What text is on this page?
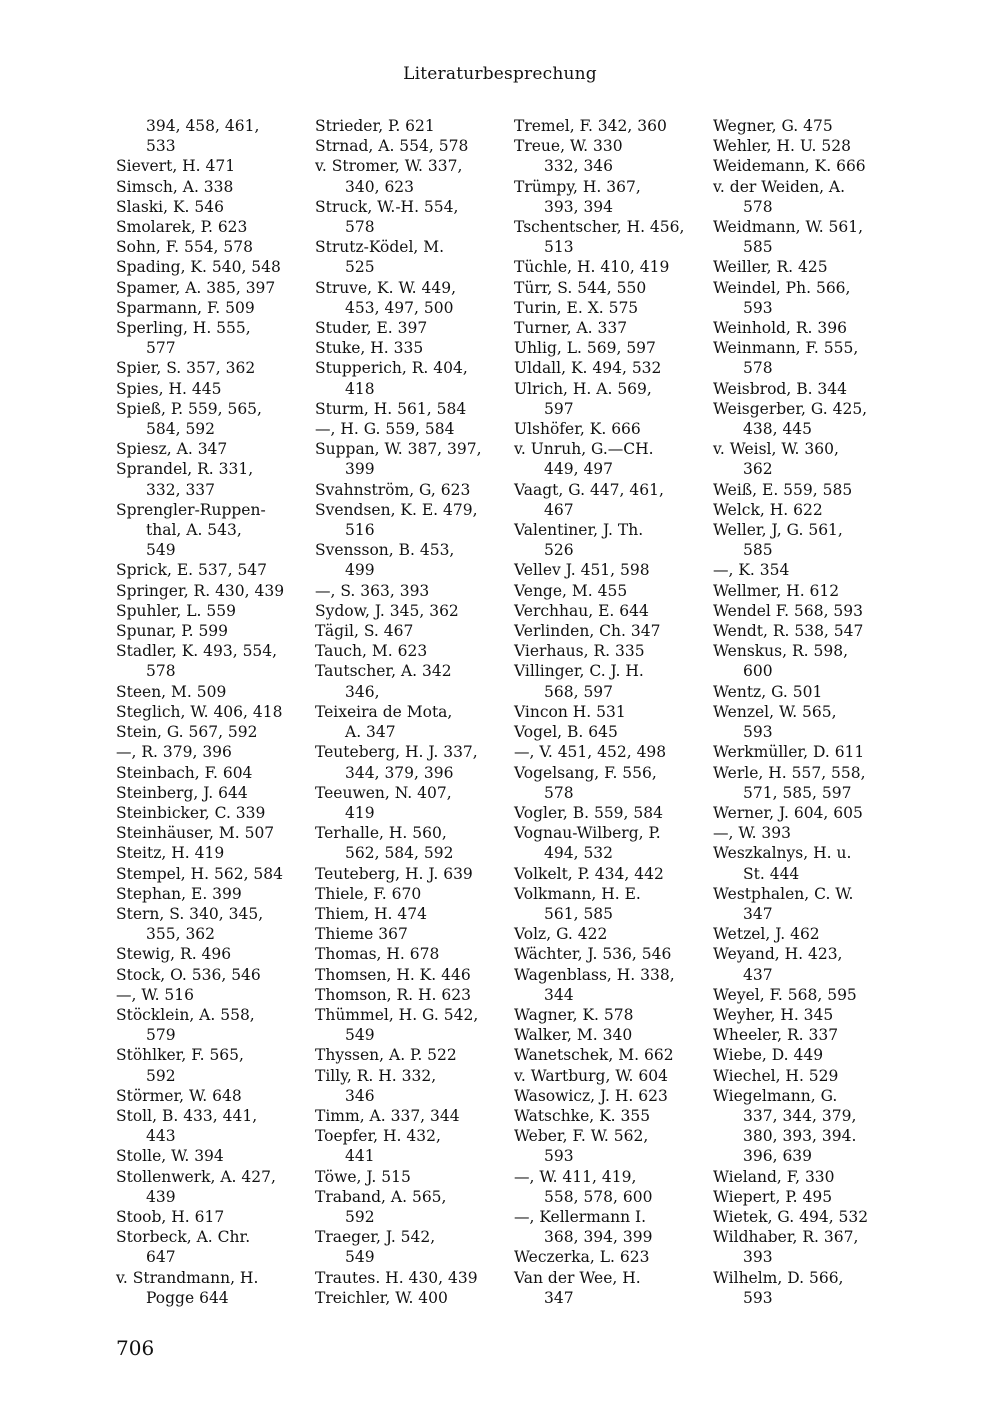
Literaturbesprechung
394, 458, 461,
533
Sievert, H. 471
Simsch, A. 338
Slaski, K. 546
Smolarek, P. 623
Sohn, F. 554, 578
Spading, K. 540, 548
Spamer, A. 385, 397
Sparmann, F. 509
Sperling, H. 555,
577
Spier, S. 357, 362
Spies, H. 445
Spieß, P. 559, 565,
584, 592
Spiesz, A. 347
Sprandel, R. 331,
332, 337
Sprengler-Ruppen-
thal, A. 543,
549
Sprick, E. 537, 547
Springer, R. 430, 439
Spuhler, L. 559
Spunar, P. 599
Stadler, K. 493, 554,
578
Steen, M. 509
Steglich, W. 406, 418
Stein, G. 567, 592
—, R. 379, 396
Steinbach, F. 604
Steinberg, J. 644
Steinbicker, C. 339
Steinhäuser, M. 507
Steitz, H. 419
Stempel, H. 562, 584
Stephan, E. 399
Stern, S. 340, 345,
355, 362
Stewig, R. 496
Stock, O. 536, 546
—, W. 516
Stöcklein, A. 558,
579
Stöhlker, F. 565,
592
Störmer, W. 648
Stoll, B. 433, 441,
443
Stolle, W. 394
Stollenwerk, A. 427,
439
Stoob, H. 617
Storbeck, A. Chr.
647
v. Strandmann, H.
Pogge 644
Strieder, P. 621
Strnad, A. 554, 578
v. Stromer, W. 337,
340, 623
Struck, W.-H. 554,
578
Strutz-Ködel, M.
525
Struve, K. W. 449,
453, 497, 500
Studer, E. 397
Stuke, H. 335
Stupperich, R. 404,
418
Sturm, H. 561, 584
—, H. G. 559, 584
Suppan, W. 387, 397,
399
Svahnström, G, 623
Svendsen, K. E. 479,
516
Svensson, B. 453,
499
—, S. 363, 393
Sydow, J. 345, 362
Tägil, S. 467
Tauch, M. 623
Tautscher, A. 342
346,
Teixeira de Mota,
A. 347
Teuteberg, H. J. 337,
344, 379, 396
Teeuwen, N. 407,
419
Terhalle, H. 560,
562, 584, 592
Teuteberg, H. J. 639
Thiele, F. 670
Thiem, H. 474
Thieme 367
Thomas, H. 678
Thomsen, H. K. 446
Thomson, R. H. 623
Thümmel, H. G. 542,
549
Thyssen, A. P. 522
Tilly, R. H. 332,
346
Timm, A. 337, 344
Toepfer, H. 432,
441
Töwe, J. 515
Traband, A. 565,
592
Traeger, J. 542,
549
Trautes. H. 430, 439
Treichler, W. 400
Tremel, F. 342, 360
Treue, W. 330
332, 346
Trümpy, H. 367,
393, 394
Tschentscher, H. 456,
513
Tüchle, H. 410, 419
Türr, S. 544, 550
Turin, E. X. 575
Turner, A. 337
Uhlig, L. 569, 597
Uldall, K. 494, 532
Ulrich, H. A. 569,
597
Ulshöfer, K. 666
v. Unruh, G.—CH.
449, 497
Vaagt, G. 447, 461,
467
Valentiner, J. Th.
526
Vellev J. 451, 598
Venge, M. 455
Verchhau, E. 644
Verlinden, Ch. 347
Vierhaus, R. 335
Villinger, C. J. H.
568, 597
Vincon H. 531
Vogel, B. 645
—, V. 451, 452, 498
Vogelsang, F. 556,
578
Vogler, B. 559, 584
Vognau-Wilberg, P.
494, 532
Volkelt, P. 434, 442
Volkmann, H. E.
561, 585
Volz, G. 422
Wächter, J. 536, 546
Wagenblass, H. 338,
344
Wagner, K. 578
Walker, M. 340
Wanetschek, M. 662
v. Wartburg, W. 604
Wasowicz, J. H. 623
Watschke, K. 355
Weber, F. W. 562,
593
—, W. 411, 419,
558, 578, 600
—, Kellermann I.
368, 394, 399
Weczerka, L. 623
Van der Wee, H.
347
Wegner, G. 475
Wehler, H. U. 528
Weidemann, K. 666
v. der Weiden, A.
578
Weidmann, W. 561,
585
Weiller, R. 425
Weindel, Ph. 566,
593
Weinhold, R. 396
Weinmann, F. 555,
578
Weisbrod, B. 344
Weisgerber, G. 425,
438, 445
v. Weisl, W. 360,
362
Weiß, E. 559, 585
Welck, H. 622
Weller, J, G. 561,
585
—, K. 354
Wellmer, H. 612
Wendel F. 568, 593
Wendt, R. 538, 547
Wenskus, R. 598,
600
Wentz, G. 501
Wenzel, W. 565,
593
Werkmüller, D. 611
Werle, H. 557, 558,
571, 585, 597
Werner, J. 604, 605
—, W. 393
Weszkalnys, H. u.
St. 444
Westphalen, C. W.
347
Wetzel, J. 462
Weyand, H. 423,
437
Weyel, F. 568, 595
Weyher, H. 345
Wheeler, R. 337
Wiebe, D. 449
Wiechel, H. 529
Wiegelmann, G.
337, 344, 379,
380, 393, 394.
396, 639
Wieland, F, 330
Wiepert, P. 495
Wietek, G. 494, 532
Wildhaber, R. 367,
393
Wilhelm, D. 566,
593
706
